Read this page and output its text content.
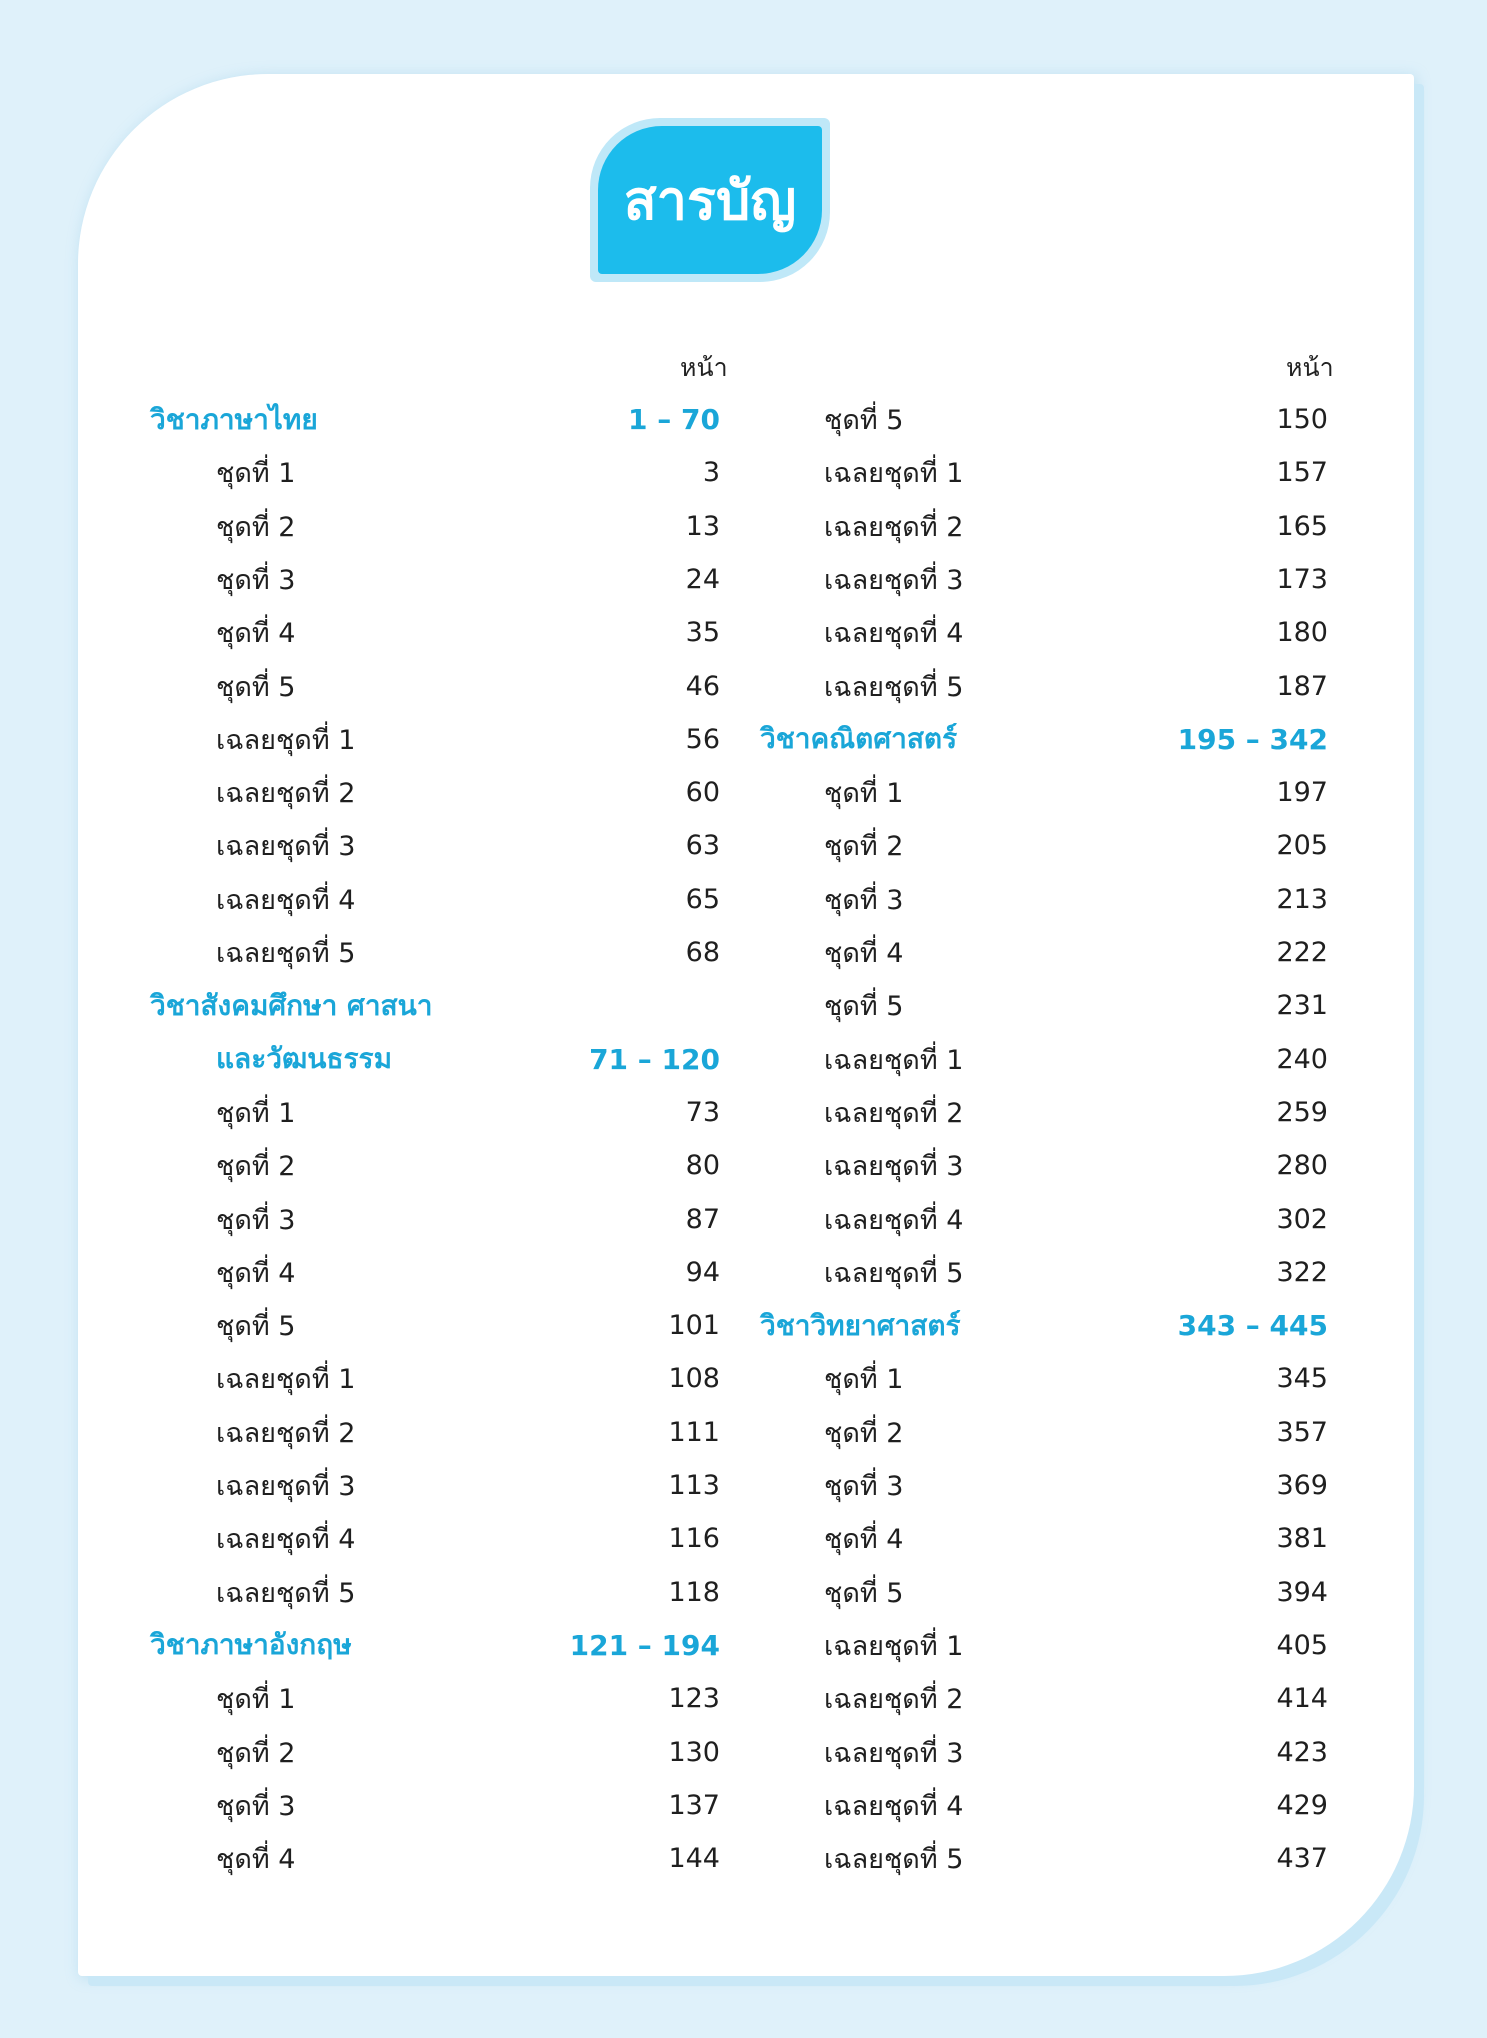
สารบัญ
หน้า	หน้า
วิชาภาษาไทย	1 – 70
ชุดที่ 1	3
ชุดที่ 2	13
ชุดที่ 3	24
ชุดที่ 4	35
ชุดที่ 5	46
เฉลยชุดที่ 1	56
เฉลยชุดที่ 2	60
เฉลยชุดที่ 3	63
เฉลยชุดที่ 4	65
เฉลยชุดที่ 5	68
วิชาสังคมศึกษา ศาสนา
และวัฒนธรรม	71 – 120
ชุดที่ 1	73
ชุดที่ 2	80
ชุดที่ 3	87
ชุดที่ 4	94
ชุดที่ 5	101
เฉลยชุดที่ 1	108
เฉลยชุดที่ 2	111
เฉลยชุดที่ 3	113
เฉลยชุดที่ 4	116
เฉลยชุดที่ 5	118
วิชาภาษาอังกฤษ	121 – 194
ชุดที่ 1	123
ชุดที่ 2	130
ชุดที่ 3	137
ชุดที่ 4	144
ชุดที่ 5	150
เฉลยชุดที่ 1	157
เฉลยชุดที่ 2	165
เฉลยชุดที่ 3	173
เฉลยชุดที่ 4	180
เฉลยชุดที่ 5	187
วิชาคณิตศาสตร์	195 – 342
ชุดที่ 1	197
ชุดที่ 2	205
ชุดที่ 3	213
ชุดที่ 4	222
ชุดที่ 5	231
เฉลยชุดที่ 1	240
เฉลยชุดที่ 2	259
เฉลยชุดที่ 3	280
เฉลยชุดที่ 4	302
เฉลยชุดที่ 5	322
วิชาวิทยาศาสตร์	343 – 445
ชุดที่ 1	345
ชุดที่ 2	357
ชุดที่ 3	369
ชุดที่ 4	381
ชุดที่ 5	394
เฉลยชุดที่ 1	405
เฉลยชุดที่ 2	414
เฉลยชุดที่ 3	423
เฉลยชุดที่ 4	429
เฉลยชุดที่ 5	437
